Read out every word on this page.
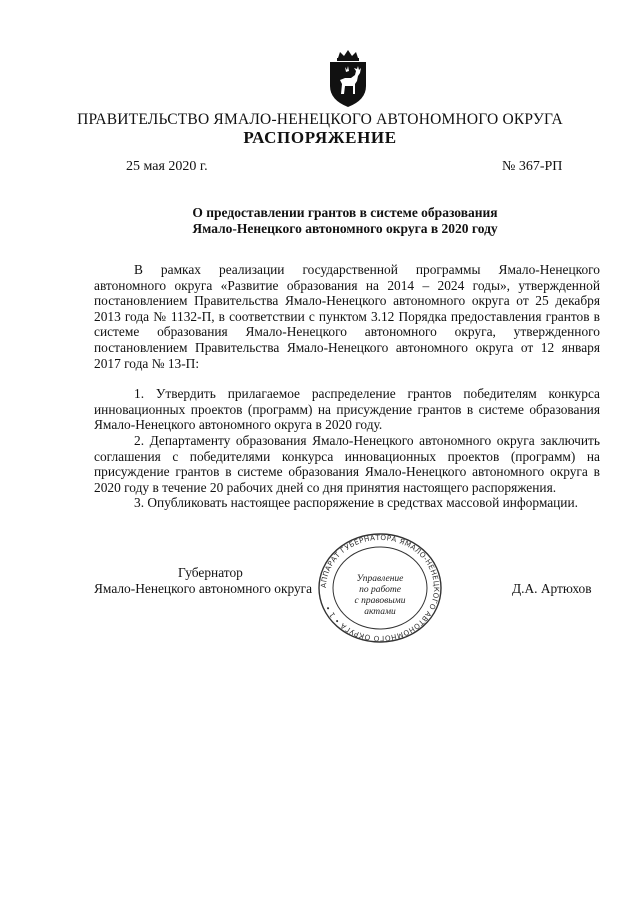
ПРАВИТЕЛЬСТВО ЯМАЛО-НЕНЕЦКОГО АВТОНОМНОГО ОКРУГА
РАСПОРЯЖЕНИЕ
25 мая 2020 г.	№ 367-РП
О предоставлении грантов в системе образования
Ямало-Ненецкого автономного округа в 2020 году

В рамках реализации государственной программы Ямало-Ненецкого автономного округа «Развитие образования на 2014 – 2024 годы», утвержденной постановлением Правительства Ямало-Ненецкого автономного округа от 25 декабря 2013 года № 1132-П, в соответствии с пунктом 3.12 Порядка предоставления грантов в системе образования Ямало-Ненецкого автономного округа, утвержденного постановлением Правительства Ямало-Ненецкого автономного округа от 12 января 2017 года № 13-П:

1. Утвердить прилагаемое распределение грантов победителям конкурса инновационных проектов (программ) на присуждение грантов в системе образования Ямало-Ненецкого автономного округа в 2020 году.

2. Департаменту образования Ямало-Ненецкого автономного округа заключить соглашения с победителями конкурса инновационных проектов (программ) на присуждение грантов в системе образования Ямало-Ненецкого автономного округа в 2020 году в течение 20 рабочих дней со дня принятия настоящего распоряжения.

3. Опубликовать настоящее распоряжение в средствах массовой информации.

Губернатор
Ямало-Ненецкого автономного округа	Д.А. Артюхов
АППАРАТ ГУБЕРНАТОРА ЯМАЛО-НЕНЕЦКОГО АВТОНОМНОГО ОКРУГА • 1 •
Управление
по работе
с правовыми
актами
